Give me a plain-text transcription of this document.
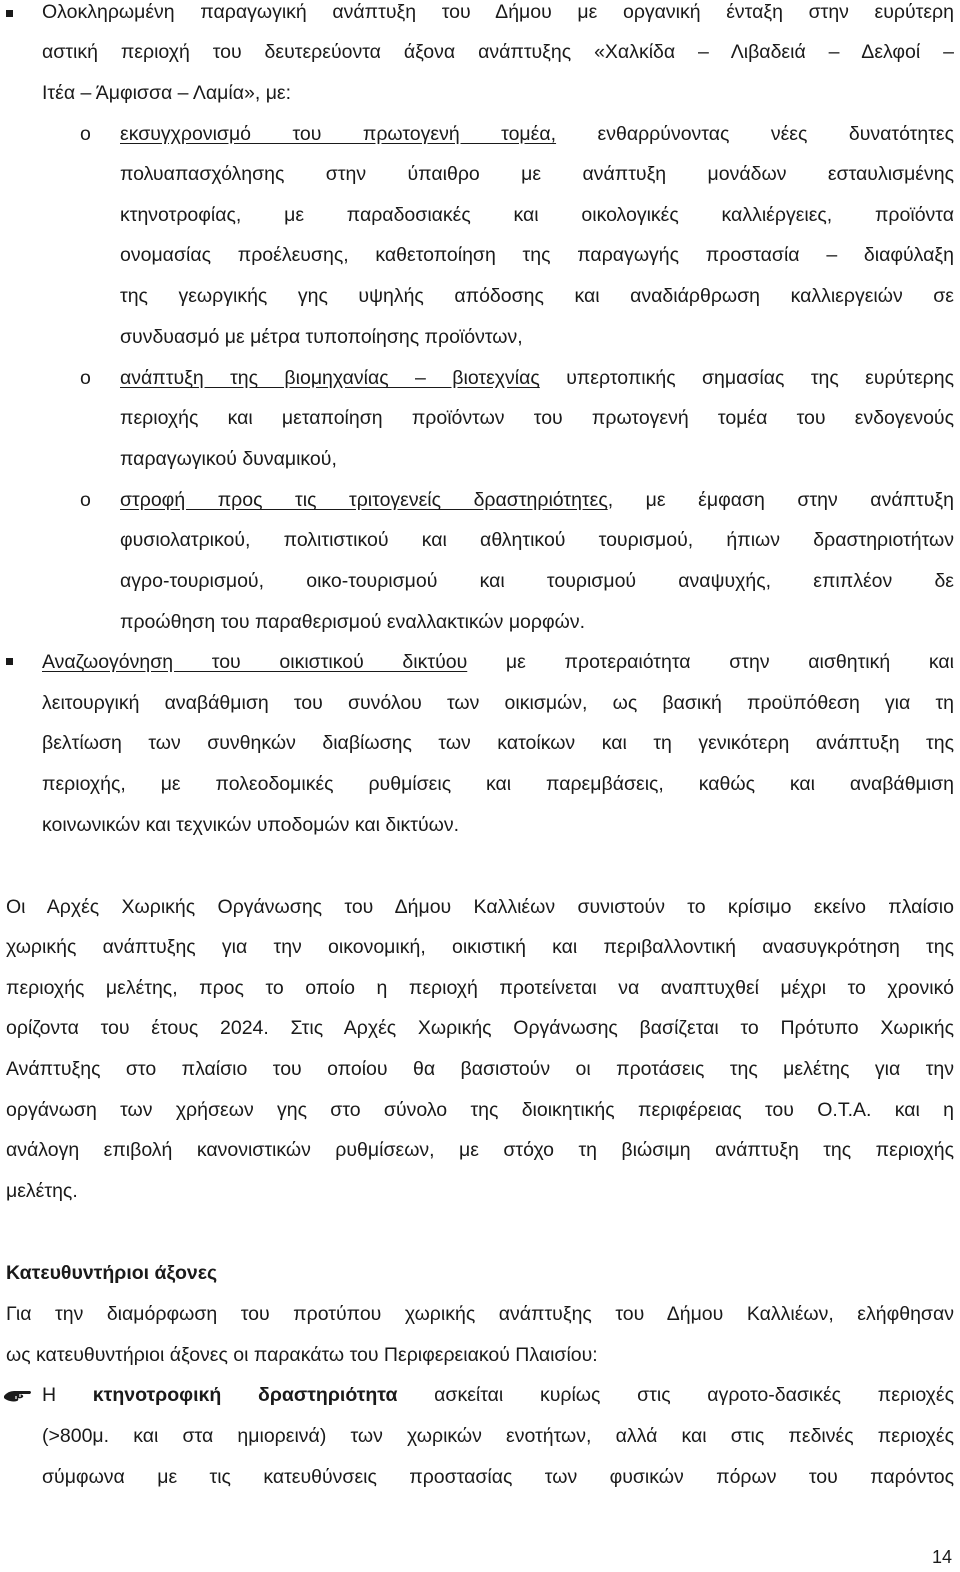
Ολοκληρωμένη παραγωγική ανάπτυξη του Δήμου με οργανική ένταξη στην ευρύτερη
αστική περιοχή του δευτερεύοντα άξονα ανάπτυξης «Χαλκίδα – Λιβαδειά – Δελφοί –
Ιτέα – Άμφισσα – Λαμία», με:
o εκσυγχρονισμό του πρωτογενή τομέα, ενθαρρύνοντας νέες δυνατότητες
πολυαπασχόλησης στην ύπαιθρο με ανάπτυξη μονάδων εσταυλισμένης
κτηνοτροφίας, με παραδοσιακές και οικολογικές καλλιέργειες, προϊόντα
ονομασίας προέλευσης, καθετοποίηση της παραγωγής προστασία – διαφύλαξη
της γεωργικής γης υψηλής απόδοσης και αναδιάρθρωση καλλιεργειών σε
συνδυασμό με μέτρα τυποποίησης προϊόντων,
o ανάπτυξη της βιομηχανίας – βιοτεχνίας υπερτοπικής σημασίας της ευρύτερης
περιοχής και μεταποίηση προϊόντων του πρωτογενή τομέα του ενδογενούς
παραγωγικού δυναμικού,
o στροφή προς τις τριτογενείς δραστηριότητες, με έμφαση στην ανάπτυξη
φυσιολατρικού, πολιτιστικού και αθλητικού τουρισμού, ήπιων δραστηριοτήτων
αγρο-τουρισμού, οικο-τουρισμού και τουρισμού αναψυχής, επιπλέον δε
προώθηση του παραθερισμού εναλλακτικών μορφών.
Αναζωογόνηση του οικιστικού δικτύου με προτεραιότητα στην αισθητική και
λειτουργική αναβάθμιση του συνόλου των οικισμών, ως βασική προϋπόθεση για τη
βελτίωση των συνθηκών διαβίωσης των κατοίκων και τη γενικότερη ανάπτυξη της
περιοχής, με πολεοδομικές ρυθμίσεις και παρεμβάσεις, καθώς και αναβάθμιση
κοινωνικών και τεχνικών υποδομών και δικτύων.
Οι Αρχές Χωρικής Οργάνωσης του Δήμου Καλλιέων συνιστούν το κρίσιμο εκείνο πλαίσιο
χωρικής ανάπτυξης για την οικονομική, οικιστική και περιβαλλοντική ανασυγκρότηση της
περιοχής μελέτης, προς το οποίο η περιοχή προτείνεται να αναπτυχθεί μέχρι το χρονικό
ορίζοντα του έτους 2024. Στις Αρχές Χωρικής Οργάνωσης βασίζεται το Πρότυπο Χωρικής
Ανάπτυξης στο πλαίσιο του οποίου θα βασιστούν οι προτάσεις της μελέτης για την
οργάνωση των χρήσεων γης στο σύνολο της διοικητικής περιφέρειας του Ο.Τ.Α. και η
ανάλογη επιβολή κανονιστικών ρυθμίσεων, με στόχο τη βιώσιμη ανάπτυξη της περιοχής
μελέτης.
Κατευθυντήριοι άξονες
Για την διαμόρφωση του προτύπου χωρικής ανάπτυξης του Δήμου Καλλιέων, ελήφθησαν
ως κατευθυντήριοι άξονες οι παρακάτω του Περιφερειακού Πλαισίου:
Η κτηνοτροφική δραστηριότητα ασκείται κυρίως στις αγροτο-δασικές περιοχές
(>800μ. και στα ημιορεινά) των χωρικών ενοτήτων, αλλά και στις πεδινές περιοχές
σύμφωνα με τις κατευθύνσεις προστασίας των φυσικών πόρων του παρόντος
14
